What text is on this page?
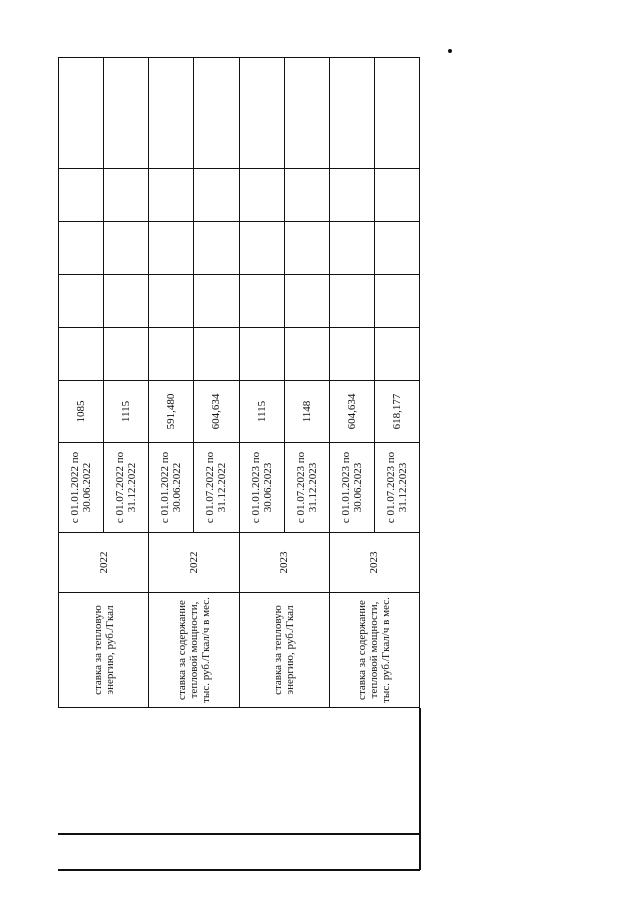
ставка за тепловую энергию, руб./Гкал	2022	с 01.01.2022 по 30.06.2022	1085					
		с 01.07.2022 по 31.12.2022	1115					
ставка за содержание тепловой мощности, тыс. руб./Гкал/ч в мес.	2022	с 01.01.2022 по 30.06.2022	591,480					
		с 01.07.2022 по 31.12.2022	604,634					
ставка за тепловую энергию, руб./Гкал	2023	с 01.01.2023 по 30.06.2023	1115					
		с 01.07.2023 по 31.12.2023	1148					
ставка за содержание тепловой мощности, тыс. руб./Гкал/ч в мес.	2023	с 01.01.2023 по 30.06.2023	604,634					
		с 01.07.2023 по 31.12.2023	618,177					
